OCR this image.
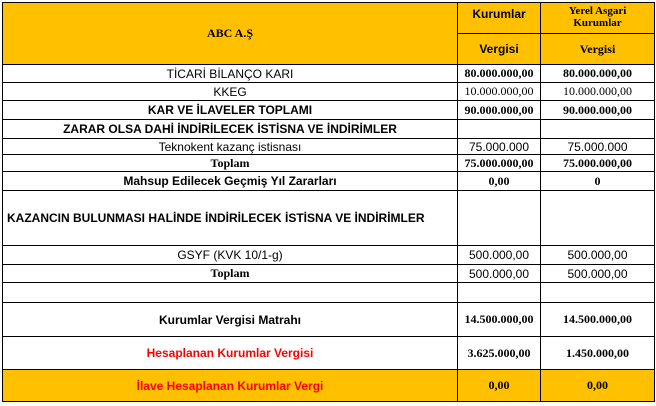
ABC A.Ş	Kurumlar	Yerel Asgari Kurumlar
	Vergisi	Vergisi
TİCARİ BİLANÇO KARI	80.000.000,00	80.000.000,00
KKEG	10.000.000,00	10.000.000,00
KAR VE İLAVELER TOPLAMI	90.000.000,00	90.000.000,00
ZARAR OLSA DAHİ İNDİRİLECEK İSTİSNA VE İNDİRİMLER		
Teknokent kazanç istisnası	75.000.000	75.000.000
Toplam	75.000.000,00	75.000.000,00
Mahsup Edilecek Geçmiş Yıl Zararları	0,00	0
KAZANCIN BULUNMASI HALİNDE İNDİRİLECEK İSTİSNA VE İNDİRİMLER		
GSYF (KVK 10/1-g)	500.000,00	500.000,00
Toplam	500.000,00	500.000,00

Kurumlar Vergisi Matrahı	14.500.000,00	14.500.000,00
Hesaplanan Kurumlar Vergisi	3.625.000,00	1.450.000,00
İlave Hesaplanan Kurumlar Vergi	0,00	0,00
